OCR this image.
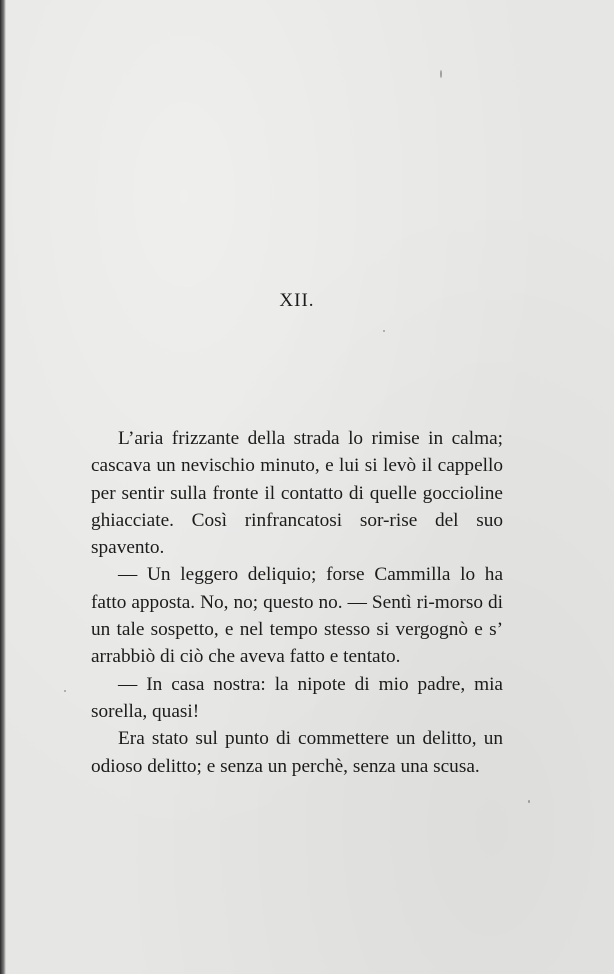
XII.

L’aria frizzante della strada lo rimise in calma; cascava un nevischio minuto, e lui si levò il cappello per sentir sulla fronte il contatto di quelle goccioline ghiacciate. Così rinfrancatosi sor-rise del suo spavento.

— Un leggero deliquio; forse Cammilla lo ha fatto apposta. No, no; questo no. — Sentì ri-morso di un tale sospetto, e nel tempo stesso si vergognò e s’ arrabbiò di ciò che aveva fatto e tentato.

— In casa nostra: la nipote di mio padre, mia sorella, quasi!

Era stato sul punto di commettere un delitto, un odioso delitto; e senza un perchè, senza una scusa.
